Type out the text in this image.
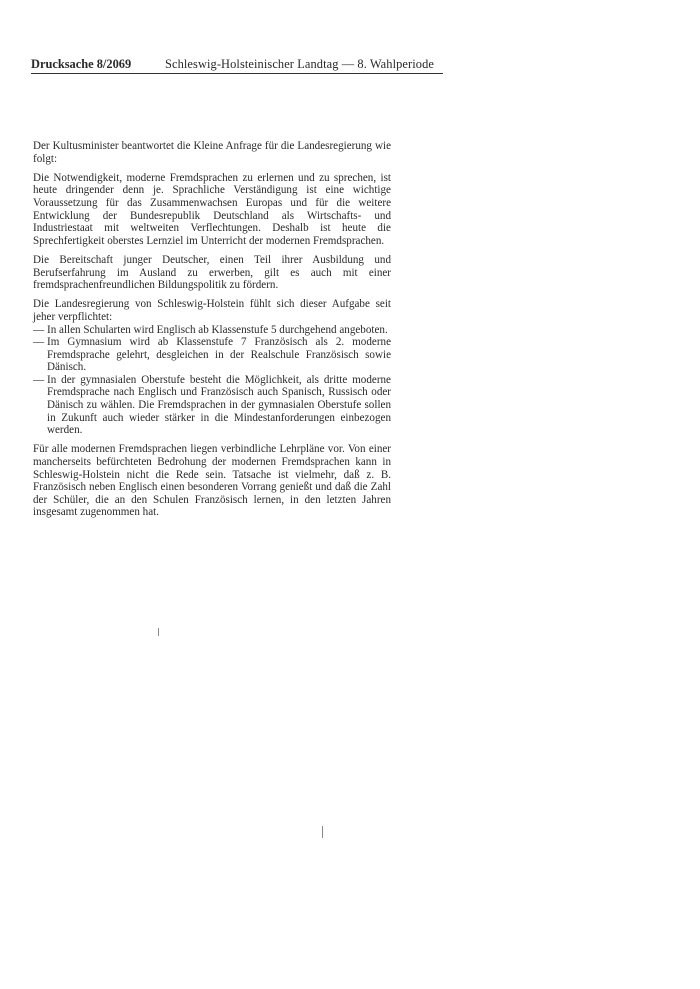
Drucksache 8/2069	Schleswig-Holsteinischer Landtag — 8. Wahlperiode

Der Kultusminister beantwortet die Kleine Anfrage für die Landesregierung wie folgt:

Die Notwendigkeit, moderne Fremdsprachen zu erlernen und zu sprechen, ist heute dringender denn je. Sprachliche Verständigung ist eine wichtige Voraussetzung für das Zusammenwachsen Europas und für die weitere Entwicklung der Bundesrepublik Deutschland als Wirtschafts- und Industriestaat mit weltweiten Verflechtungen. Deshalb ist heute die Sprechfertigkeit oberstes Lernziel im Unterricht der modernen Fremdsprachen.

Die Bereitschaft junger Deutscher, einen Teil ihrer Ausbildung und Berufserfahrung im Ausland zu erwerben, gilt es auch mit einer fremdsprachenfreundlichen Bildungspolitik zu fördern.

Die Landesregierung von Schleswig-Holstein fühlt sich dieser Aufgabe seit jeher verpflichtet:

— In allen Schularten wird Englisch ab Klassenstufe 5 durchgehend angeboten.
— Im Gymnasium wird ab Klassenstufe 7 Französisch als 2. moderne Fremdsprache gelehrt, desgleichen in der Realschule Französisch sowie Dänisch.
— In der gymnasialen Oberstufe besteht die Möglichkeit, als dritte moderne Fremdsprache nach Englisch und Französisch auch Spanisch, Russisch oder Dänisch zu wählen. Die Fremdsprachen in der gymnasialen Oberstufe sollen in Zukunft auch wieder stärker in die Mindestanforderungen einbezogen werden.

Für alle modernen Fremdsprachen liegen verbindliche Lehrpläne vor. Von einer mancherseits befürchteten Bedrohung der modernen Fremdsprachen kann in Schleswig-Holstein nicht die Rede sein. Tatsache ist vielmehr, daß z. B. Französisch neben Englisch einen besonderen Vorrang genießt und daß die Zahl der Schüler, die an den Schulen Französisch lernen, in den letzten Jahren insgesamt zugenommen hat.
